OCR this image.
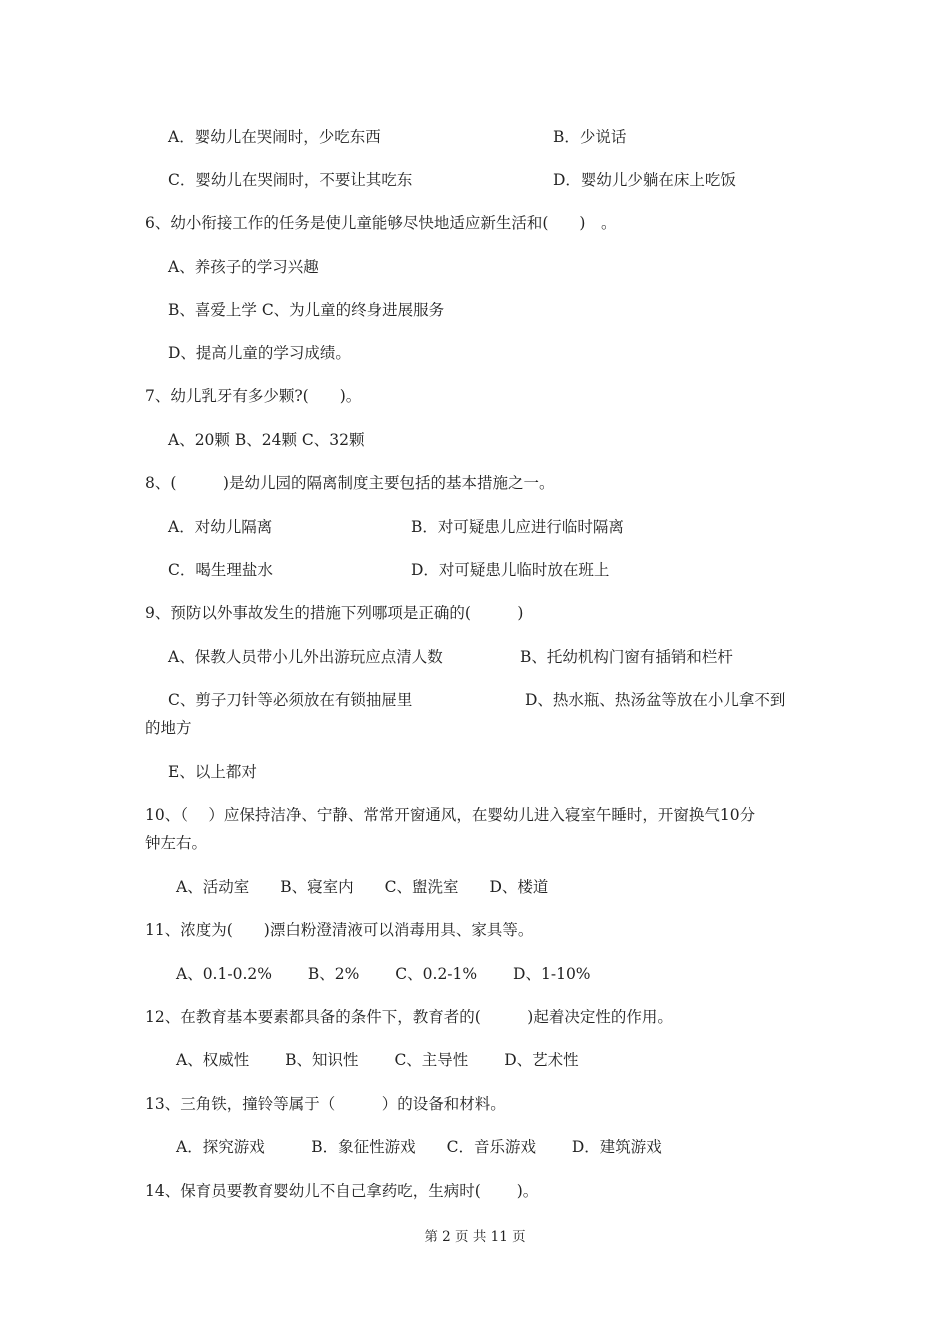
A．婴幼儿在哭闹时，少吃东西	B．少说话
C．婴幼儿在哭闹时，不要让其吃东	D．婴幼儿少躺在床上吃饭
6、幼小衔接工作的任务是使儿童能够尽快地适应新生活和(　　)　。
A、养孩子的学习兴趣
B、喜爱上学 C、为儿童的终身进展服务
D、提高儿童的学习成绩。
7、幼儿乳牙有多少颗?(　　)。
A、20颗 B、24颗 C、32颗
8、(　　　)是幼儿园的隔离制度主要包括的基本措施之一。
A．对幼儿隔离	B．对可疑患儿应进行临时隔离
C．喝生理盐水	D．对可疑患儿临时放在班上
9、预防以外事故发生的措施下列哪项是正确的(　　　)
A、保教人员带小儿外出游玩应点清人数	B、托幼机构门窗有插销和栏杆
C、剪子刀针等必须放在有锁抽屉里	D、热水瓶、热汤盆等放在小儿拿不到
的地方
E、以上都对
10、（　 ）应保持洁净、宁静、常常开窗通风，在婴幼儿进入寝室午睡时，开窗换气10分
钟左右。
A、活动室　　B、寝室内　　C、盥洗室　　D、楼道
11、浓度为(　　)漂白粉澄清液可以消毒用具、家具等。
A、0.1-0.2%　　 B、2%　　 C、0.2-1%　　 D、1-10%
12、在教育基本要素都具备的条件下，教育者的(　　　)起着决定性的作用。
A、权威性　　 B、知识性　　 C、主导性　　 D、艺术性
13、三角铁，撞铃等属于（　　　）的设备和材料。
A．探究游戏　　　B．象征性游戏　　C．音乐游戏　　 D．建筑游戏
14、保育员要教育婴幼儿不自己拿药吃，生病时(　　 )。
第 2 页 共 11 页
